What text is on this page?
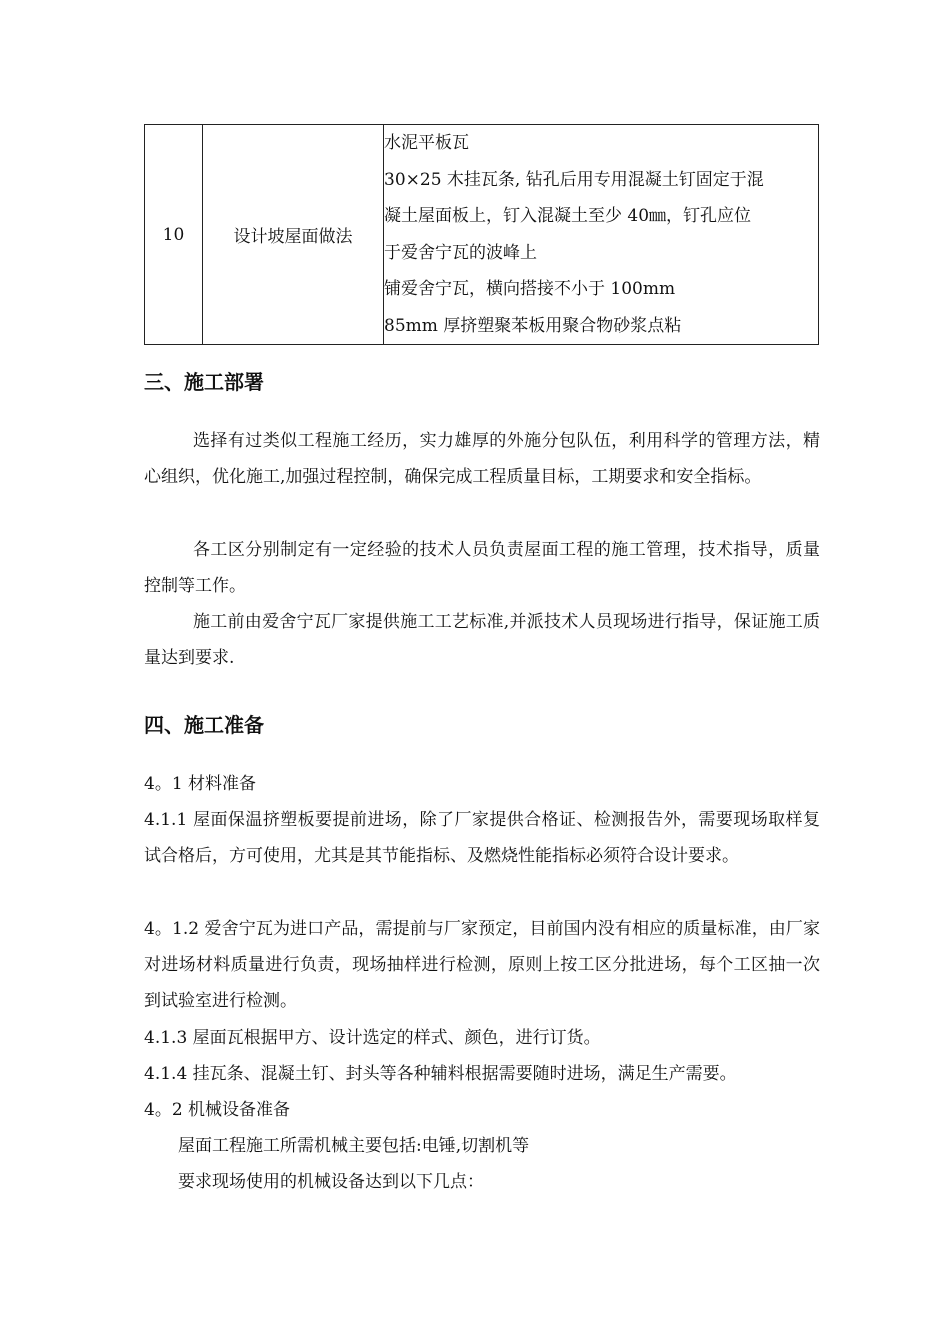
10	设计坡屋面做法	
水泥平板瓦
30×25 木挂瓦条, 钻孔后用专用混凝土钉固定于混
凝土屋面板上，钉入混凝土至少 40㎜，钉孔应位
于爱舍宁瓦的波峰上
铺爱舍宁瓦，横向搭接不小于 100mm
85mm 厚挤塑聚苯板用聚合物砂浆点粘
三、施工部署

选择有过类似工程施工经历，实力雄厚的外施分包队伍，利用科学的管理方法，精心组织，优化施工,加强过程控制，确保完成工程质量目标，工期要求和安全指标。

各工区分别制定有一定经验的技术人员负责屋面工程的施工管理，技术指导，质量控制等工作。

施工前由爱舍宁瓦厂家提供施工工艺标准,并派技术人员现场进行指导，保证施工质量达到要求.

四、施工准备
4。1 材料准备

4.1.1 屋面保温挤塑板要提前进场，除了厂家提供合格证、检测报告外，需要现场取样复试合格后，方可使用，尤其是其节能指标、及燃烧性能指标必须符合设计要求。

4。1.2 爱舍宁瓦为进口产品，需提前与厂家预定，目前国内没有相应的质量标准，由厂家对进场材料质量进行负责，现场抽样进行检测，原则上按工区分批进场，每个工区抽一次到试验室进行检测。

4.1.3 屋面瓦根据甲方、设计选定的样式、颜色，进行订货。
4.1.4 挂瓦条、混凝土钉、封头等各种辅料根据需要随时进场，满足生产需要。
4。2 机械设备准备
屋面工程施工所需机械主要包括:电锤,切割机等
要求现场使用的机械设备达到以下几点：
